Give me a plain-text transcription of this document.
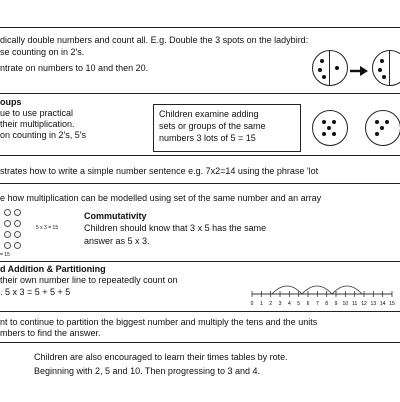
dically double numbers and count all. E.g. Double the 3 spots on the ladybird:
se counting on in 2's.
ntrate on numbers to 10 and then 20.
oups
ue to use practical
their multiplication.
on counting in 2's, 5's
Children examine adding
sets or groups of the same
numbers 3 lots of 5 = 15
strates how to write a simple number sentence e.g. 7x2=14 using the phrase 'lot
e how multiplication can be modelled using set of the same number and an array
5 x 3 = 15
= 15
Commutativity
Children should know that 3 x 5 has the same
answer as 5 x 3.
d Addition & Partitioning
their own number line to repeatedly count on
. 5 x 3 = 5 + 5 + 5
0 1 2 3 4 5 6 7 8 9 10 11 12 13 14 15
nt to continue to partition the biggest number and multiply the tens and the units
mbers to find the answer.
Children are also encouraged to learn their times tables by rote.
Beginning with 2, 5 and 10. Then progressing to 3 and 4.
